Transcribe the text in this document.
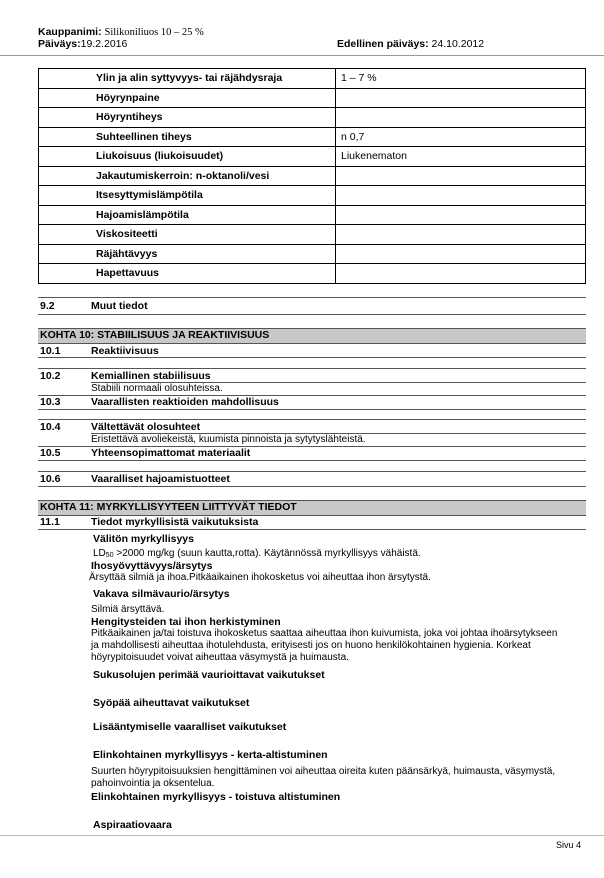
Kauppanimi: Silikoniliuos 10 – 25 %
Päiväys:19.2.2016	Edellinen päiväys: 24.10.2012
Ylin ja alin syttyvyys- tai räjähdysraja	1 – 7 %
Höyrynpaine	
Höyryntiheys	
Suhteellinen tiheys	n 0,7
Liukoisuus (liukoisuudet)	Liukenematon
Jakautumiskerroin: n-oktanoli/vesi	
Itsesyttymislämpötila	
Hajoamislämpötila	
Viskositeetti	
Räjähtävyys	
Hapettavuus	
9.2	Muut tiedot
KOHTA 10: STABIILISUUS JA REAKTIIVISUUS
10.1	Reaktiivisuus
10.2	Kemiallinen stabiilisuus
Stabiili normaali olosuhteissa.
10.3	Vaarallisten reaktioiden mahdollisuus
10.4	Vältettävät olosuhteet
Eristettävä avoliekeistä, kuumista pinnoista ja sytytyslähteistä.
10.5	Yhteensopimattomat materiaalit
10.6	Vaaralliset hajoamistuotteet
KOHTA 11: MYRKYLLISYYTEEN LIITTYVÄT TIEDOT
11.1	Tiedot myrkyllisistä vaikutuksista
Välitön myrkyllisyys
$LD_{50} >2000$ mg/kg (suun kautta,rotta). Käytännössä myrkyllisyys vähäistä.
Ihosyövyttävyys/ärsytys
Ärsyttää silmiä ja ihoa.Pitkäaikainen ihokosketus voi aiheuttaa ihon ärsytystä.
Vakava silmävaurio/ärsytys
Silmiä ärsyttävä.
Hengitysteiden tai ihon herkistyminen
Pitkäaikainen ja/tai toistuva ihokosketus saattaa aiheuttaa ihon kuivumista, joka voi johtaa ihoärsytykseen ja mahdollisesti aiheuttaa ihotulehdusta, erityisesti jos on huono henkilökohtainen hygienia. Korkeat höyrypitoisuudet voivat aiheuttaa väsymystä ja huimausta.
Sukusolujen perimää vaurioittavat vaikutukset
Syöpää aiheuttavat vaikutukset
Lisääntymiselle vaaralliset vaikutukset
Elinkohtainen myrkyllisyys - kerta-altistuminen
Suurten höyrypitoisuuksien hengittäminen voi aiheuttaa oireita kuten päänsärkyä, huimausta, väsymystä, pahoinvointia ja oksentelua.
Elinkohtainen myrkyllisyys - toistuva altistuminen
Aspiraatiovaara
Sivu 4
